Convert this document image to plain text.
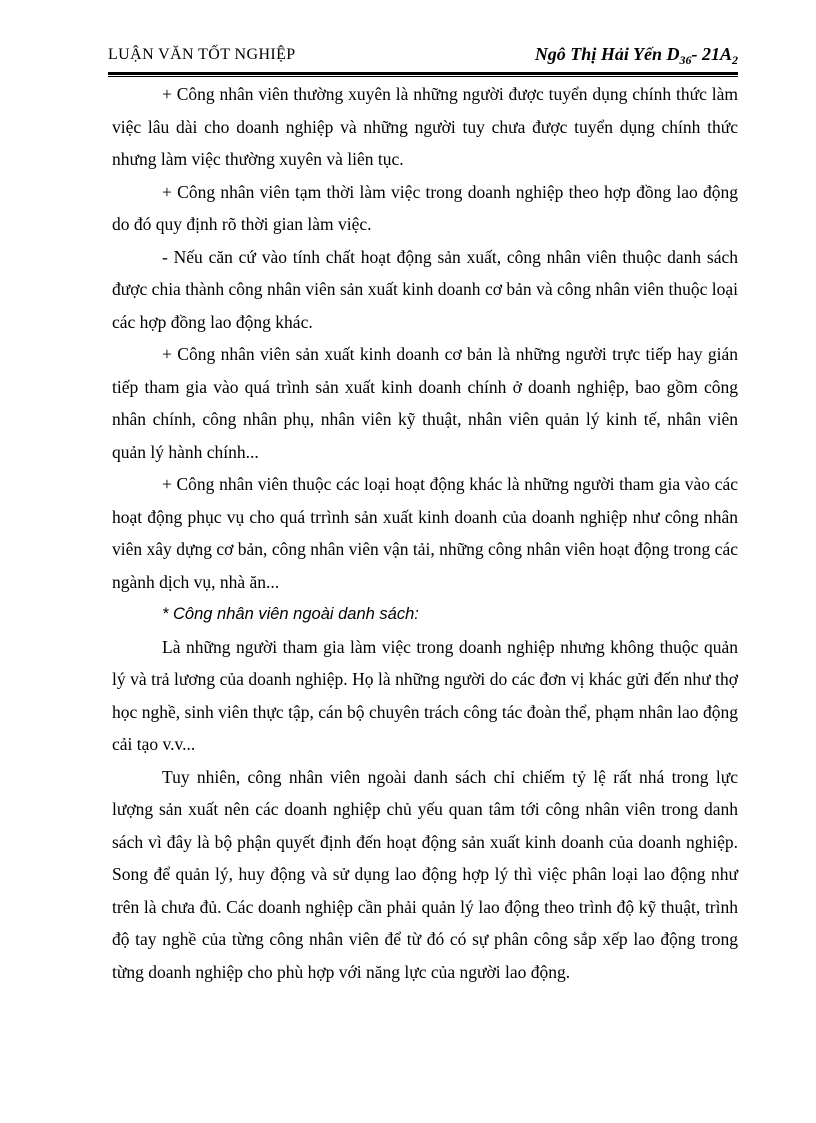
LUẬN VĂN TỐT NGHIỆP	Ngô Thị Hải Yến $D_{36}-$ $21A_2$

+ Công nhân viên thường xuyên là những người được tuyển dụng chính thức làm việc lâu dài cho doanh nghiệp và những người tuy chưa được tuyển dụng chính thức nhưng làm việc thường xuyên và liên tục.

+ Công nhân viên tạm thời làm việc trong doanh nghiệp theo hợp đồng lao động do đó quy định rõ thời gian làm việc.

- Nếu căn cứ vào tính chất hoạt động sản xuất, công nhân viên thuộc danh sách được chia thành công nhân viên sản xuất kinh doanh cơ bản và công nhân viên thuộc loại các hợp đồng lao động khác.

+ Công nhân viên sản xuất kinh doanh cơ bản là những người trực tiếp hay gián tiếp tham gia vào quá trình sản xuất kinh doanh chính ở doanh nghiệp, bao gồm công nhân chính, công nhân phụ, nhân viên kỹ thuật, nhân viên quản lý kinh tế, nhân viên quản lý hành chính...

+ Công nhân viên thuộc các loại hoạt động khác là những người tham gia vào các hoạt động phục vụ cho quá trrình sản xuất kinh doanh của doanh nghiệp như công nhân viên xây dựng cơ bản, công nhân viên vận tải, những công nhân viên hoạt động trong các ngành dịch vụ, nhà ăn...

* Công nhân viên ngoài danh sách:

Là những người tham gia làm việc trong doanh nghiệp nhưng không thuộc quản lý và trả lương của doanh nghiệp. Họ là những người do các đơn vị khác gửi đến như thợ học nghề, sinh viên thực tập, cán bộ chuyên trách công tác đoàn thể, phạm nhân lao động cải tạo v.v...

Tuy nhiên, công nhân viên ngoài danh sách chỉ chiếm tỷ lệ rất nhá trong lực lượng sản xuất nên các doanh nghiệp chủ yếu quan tâm tới công nhân viên trong danh sách vì đây là bộ phận quyết định đến hoạt động sản xuất kinh doanh của doanh nghiệp. Song để quản lý, huy động và sử dụng lao động hợp lý thì việc phân loại lao động như trên là chưa đủ. Các doanh nghiệp cần phải quản lý lao động theo trình độ kỹ thuật, trình độ tay nghề của từng công nhân viên để từ đó có sự phân công sắp xếp lao động trong từng doanh nghiệp cho phù hợp với năng lực của người lao động.
